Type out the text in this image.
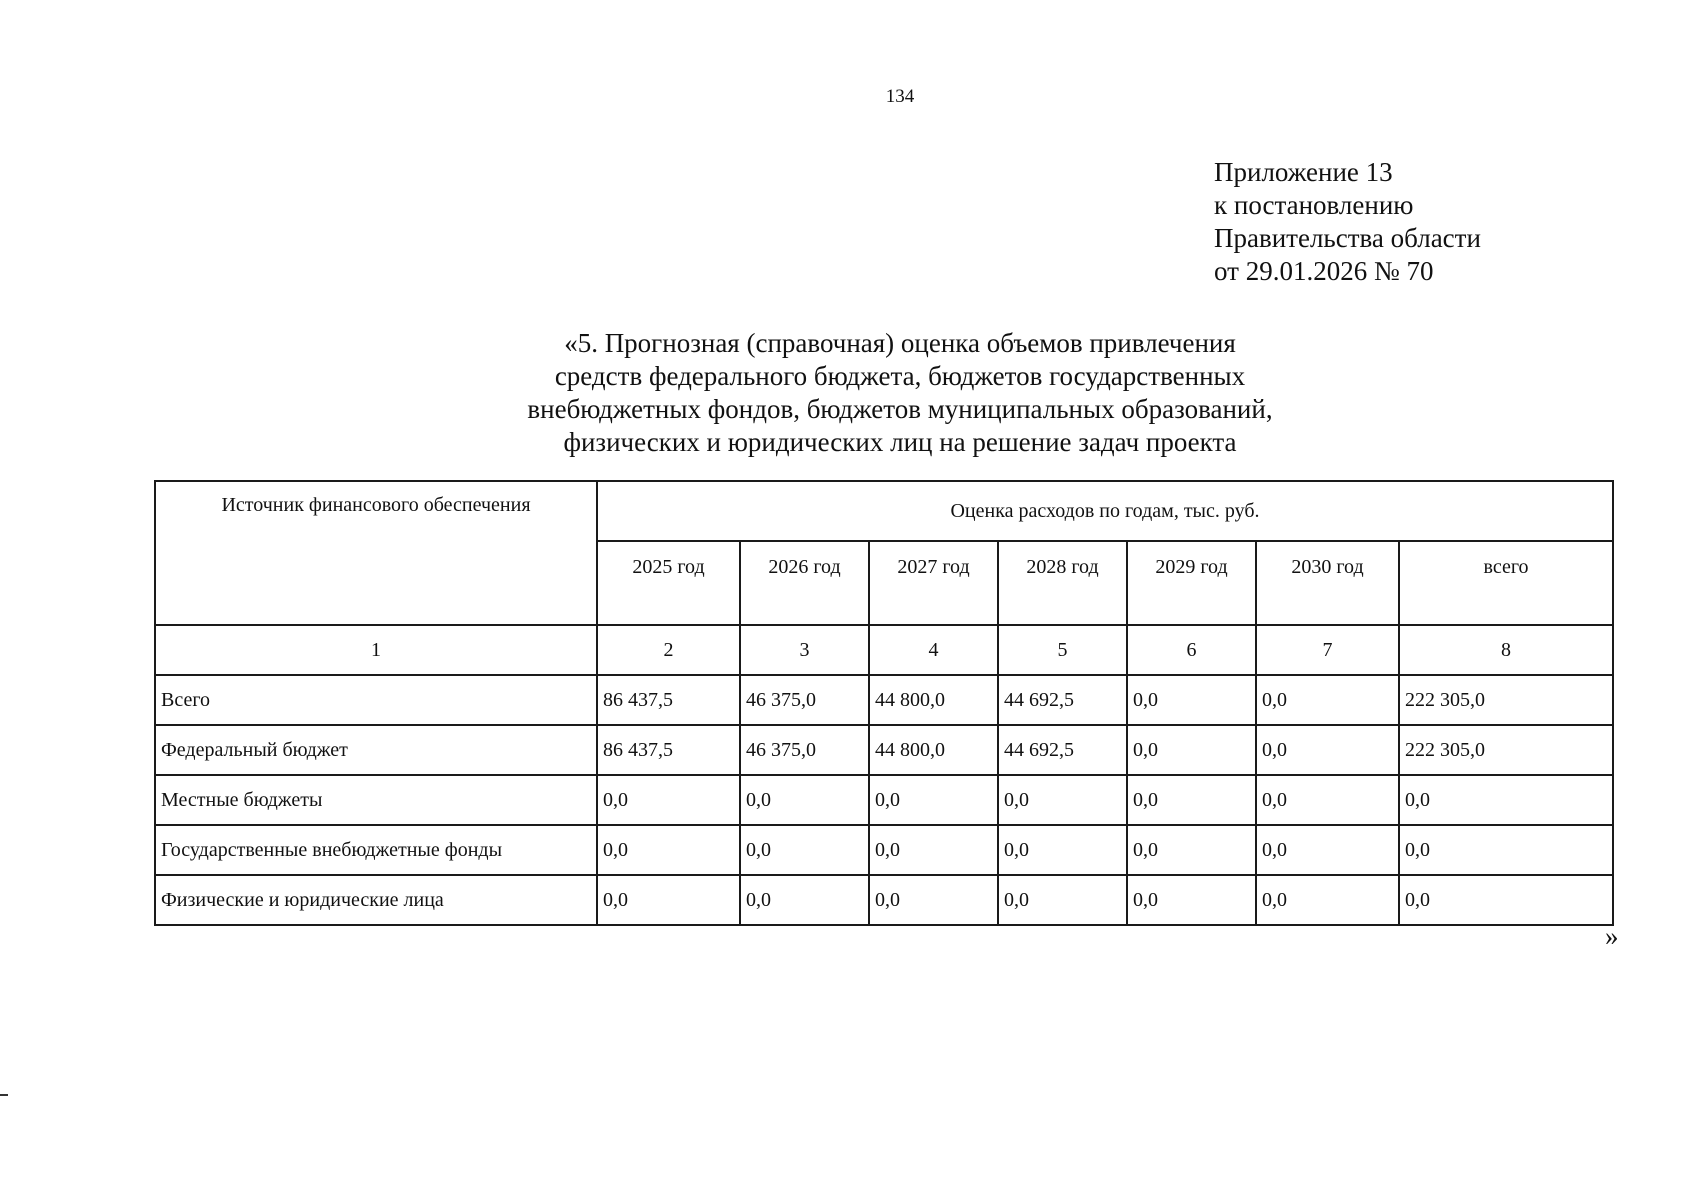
134
Приложение 13
к постановлению
Правительства области
от 29.01.2026 № 70
«5. Прогнозная (справочная) оценка объемов привлечения
средств федерального бюджета, бюджетов государственных
внебюджетных фондов, бюджетов муниципальных образований,
физических и юридических лиц на решение задач проекта
Источник финансового обеспечения	Оценка расходов по годам, тыс. руб.						
	2025 год	2026 год	2027 год	2028 год	2029 год	2030 год	всего
1	2	3	4	5	6	7	8
Всего	86 437,5	46 375,0	44 800,0	44 692,5	0,0	0,0	222 305,0
Федеральный бюджет	86 437,5	46 375,0	44 800,0	44 692,5	0,0	0,0	222 305,0
Местные бюджеты	0,0	0,0	0,0	0,0	0,0	0,0	0,0
Государственные внебюджетные фонды	0,0	0,0	0,0	0,0	0,0	0,0	0,0
Физические и юридические лица	0,0	0,0	0,0	0,0	0,0	0,0	0,0
»
